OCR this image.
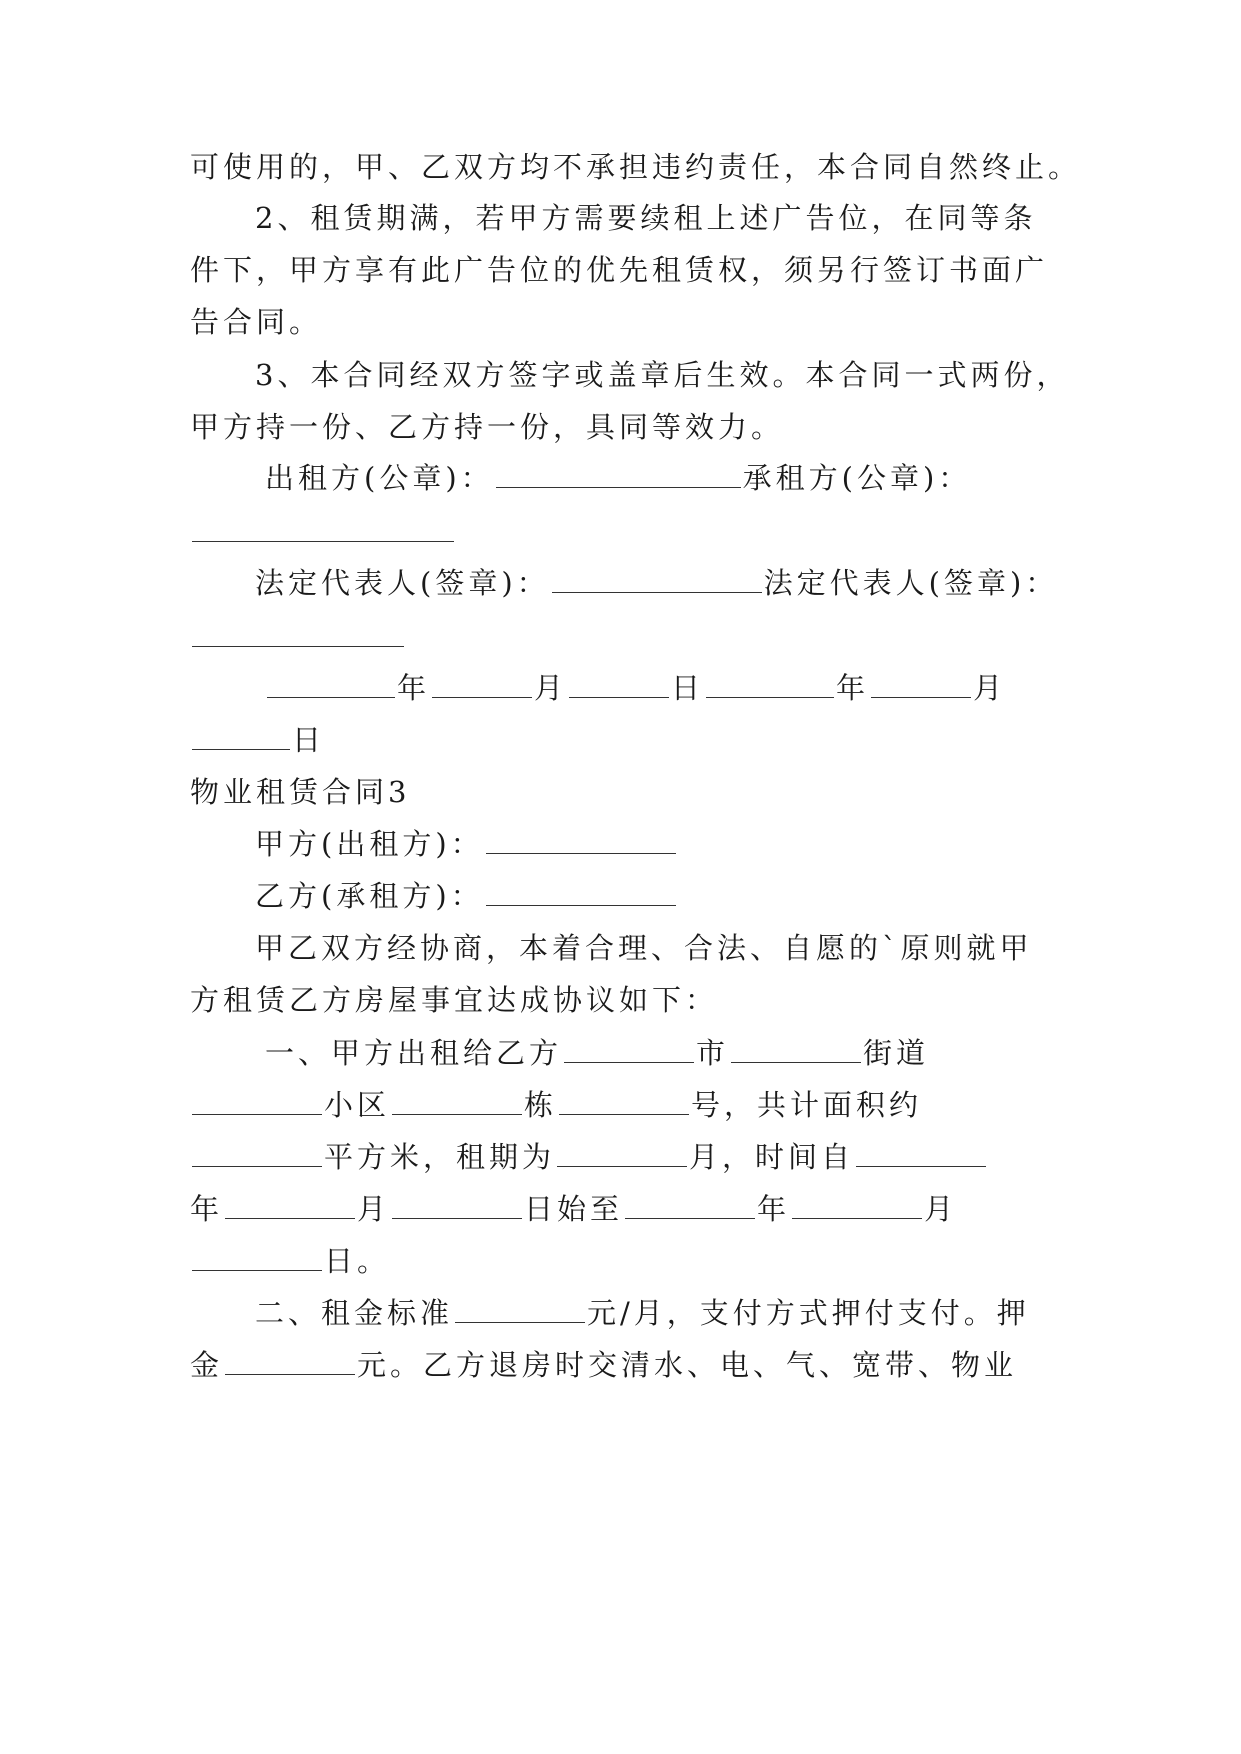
可使用的，甲、乙双方均不承担违约责任，本合同自然终止。
2、租赁期满，若甲方需要续租上述广告位，在同等条
件下，甲方享有此广告位的优先租赁权，须另行签订书面广
告合同。
3、本合同经双方签字或盖章后生效。本合同一式两份，
甲方持一份、乙方持一份，具同等效力。
出租方(公章)：	承租方(公章)：
法定代表人(签章)：	法定代表人(签章)：
年	月	日	年	月
日
物业租赁合同3
甲方(出租方)：
乙方(承租方)：
甲乙双方经协商，本着合理、合法、自愿的`原则就甲
方租赁乙方房屋事宜达成协议如下：
一、甲方出租给乙方	市	街道
小区	栋	号，共计面积约
平方米，租期为	月，时间自
年	月	日始至	年	月
日。
二、租金标准	元/月，支付方式押付支付。押
金	元。乙方退房时交清水、电、气、宽带、物业
